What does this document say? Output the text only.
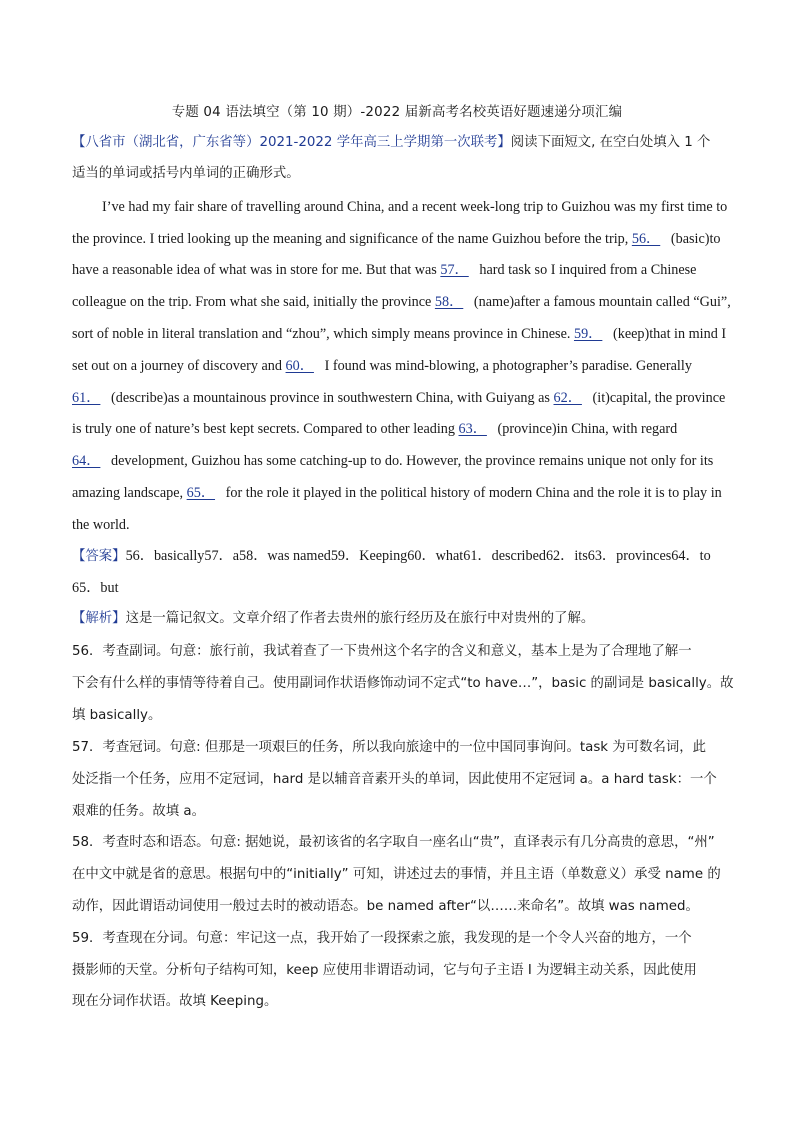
专题 04 语法填空（第 10 期）-2022 届新高考名校英语好题速递分项汇编
【八省市（湖北省，广东省等）2021-2022 学年高三上学期第一次联考】阅读下面短文, 在空白处填入 1 个
适当的单词或括号内单词的正确形式。
I’ve had my fair share of travelling around China, and a recent week-long trip to Guizhou was my first time to
the province. I tried looking up the meaning and significance of the name Guizhou before the trip, 56． (basic)to
have a reasonable idea of what was in store for me. But that was 57． hard task so I inquired from a Chinese
colleague on the trip. From what she said, initially the province 58． (name)after a famous mountain called “Gui”,
sort of noble in literal translation and “zhou”, which simply means province in Chinese. 59． (keep)that in mind I
set out on a journey of discovery and 60． I found was mind-blowing, a photographer’s paradise. Generally
61． (describe)as a mountainous province in southwestern China, with Guiyang as 62． (it)capital, the province
is truly one of nature’s best kept secrets. Compared to other leading 63． (province)in China, with regard
64． development, Guizhou has some catching-up to do. However, the province remains unique not only for its
amazing landscape, 65． for the role it played in the political history of modern China and the role it is to play in
the world.
【答案】56．basically57．a58．was named59．Keeping60．what61．described62．its63．provinces64．to
65．but
【解析】这是一篇记叙文。文章介绍了作者去贵州的旅行经历及在旅行中对贵州的了解。
56．考查副词。句意：旅行前，我试着查了一下贵州这个名字的含义和意义，基本上是为了合理地了解一
下会有什么样的事情等待着自己。使用副词作状语修饰动词不定式“to have…”，basic 的副词是 basically。故
填 basically。
57．考查冠词。句意: 但那是一项艰巨的任务，所以我向旅途中的一位中国同事询问。task 为可数名词，此
处泛指一个任务，应用不定冠词，hard 是以辅音音素开头的单词，因此使用不定冠词 a。a hard task：一个
艰难的任务。故填 a。
58．考查时态和语态。句意: 据她说，最初该省的名字取自一座名山“贵”，直译表示有几分高贵的意思，“州”
在中文中就是省的意思。根据句中的“initially” 可知，讲述过去的事情，并且主语（单数意义）承受 name 的
动作，因此谓语动词使用一般过去时的被动语态。be named after“以……来命名”。故填 was named。
59．考查现在分词。句意：牢记这一点，我开始了一段探索之旅，我发现的是一个令人兴奋的地方，一个
摄影师的天堂。分析句子结构可知，keep 应使用非谓语动词，它与句子主语 I 为逻辑主动关系，因此使用
现在分词作状语。故填 Keeping。
